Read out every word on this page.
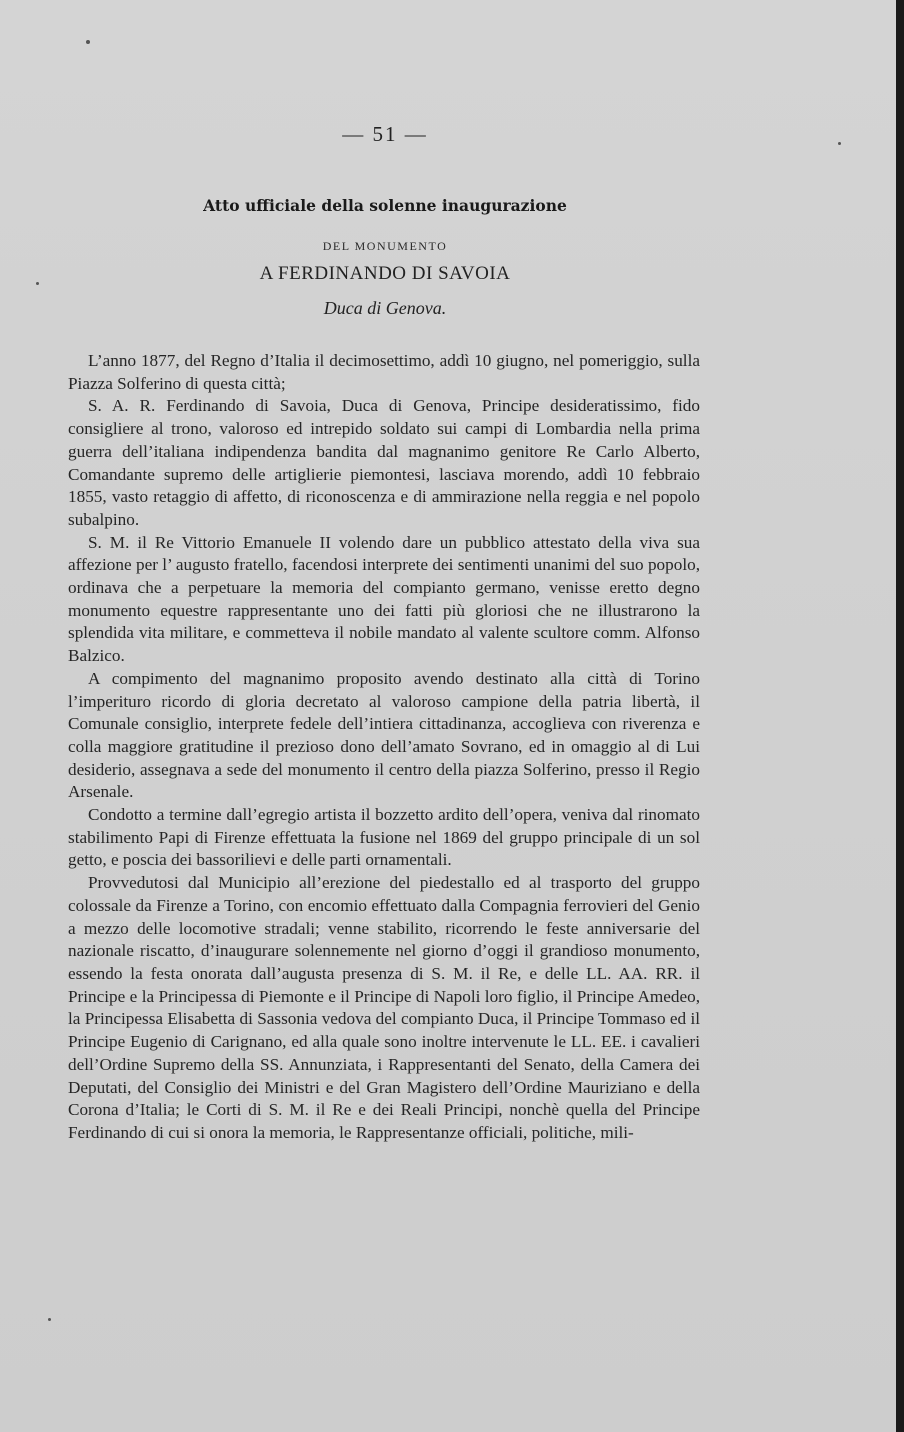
— 51 —
Atto ufficiale della solenne inaugurazione
DEL MONUMENTO
A FERDINANDO DI SAVOIA
Duca di Genova.

L’anno 1877, del Regno d’Italia il decimosettimo, addì 10 giugno, nel pomeriggio, sulla Piazza Solferino di questa città;

S. A. R. Ferdinando di Savoia, Duca di Genova, Principe desideratissimo, fido consigliere al trono, valoroso ed intrepido soldato sui campi di Lombardia nella prima guerra dell’italiana indipendenza bandita dal magnanimo genitore Re Carlo Alberto, Comandante supremo delle artiglierie piemontesi, lasciava morendo, addì 10 febbraio 1855, vasto retaggio di affetto, di riconoscenza e di ammirazione nella reggia e nel popolo subalpino.

S. M. il Re Vittorio Emanuele II volendo dare un pubblico attestato della viva sua affezione per l’ augusto fratello, facendosi interprete dei sentimenti unanimi del suo popolo, ordinava che a perpetuare la memoria del compianto germano, venisse eretto degno monumento equestre rappresentante uno dei fatti più gloriosi che ne illustrarono la splendida vita militare, e commetteva il nobile mandato al valente scultore comm. Alfonso Balzico.

A compimento del magnanimo proposito avendo destinato alla città di Torino l’imperituro ricordo di gloria decretato al valoroso campione della patria libertà, il Comunale consiglio, interprete fedele dell’intiera cittadinanza, accoglieva con riverenza e colla maggiore gratitudine il prezioso dono dell’amato Sovrano, ed in omaggio al di Lui desiderio, assegnava a sede del monumento il centro della piazza Solferino, presso il Regio Arsenale.

Condotto a termine dall’egregio artista il bozzetto ardito dell’opera, veniva dal rinomato stabilimento Papi di Firenze effettuata la fusione nel 1869 del gruppo principale di un sol getto, e poscia dei bassorilievi e delle parti ornamentali.

Provvedutosi dal Municipio all’erezione del piedestallo ed al trasporto del gruppo colossale da Firenze a Torino, con encomio effettuato dalla Compagnia ferrovieri del Genio a mezzo delle locomotive stradali; venne stabilito, ricorrendo le feste anniversarie del nazionale riscatto, d’inaugurare solennemente nel giorno d’oggi il grandioso monumento, essendo la festa onorata dall’augusta presenza di S. M. il Re, e delle LL. AA. RR. il Principe e la Principessa di Piemonte e il Principe di Napoli loro figlio, il Principe Amedeo, la Principessa Elisabetta di Sassonia vedova del compianto Duca, il Principe Tommaso ed il Principe Eugenio di Carignano, ed alla quale sono inoltre intervenute le LL. EE. i cavalieri dell’Ordine Supremo della SS. Annunziata, i Rappresentanti del Senato, della Camera dei Deputati, del Consiglio dei Ministri e del Gran Magistero dell’Ordine Mauriziano e della Corona d’Italia; le Corti di S. M. il Re e dei Reali Principi, nonchè quella del Principe Ferdinando di cui si onora la memoria, le Rappresentanze officiali, politiche, mili-
